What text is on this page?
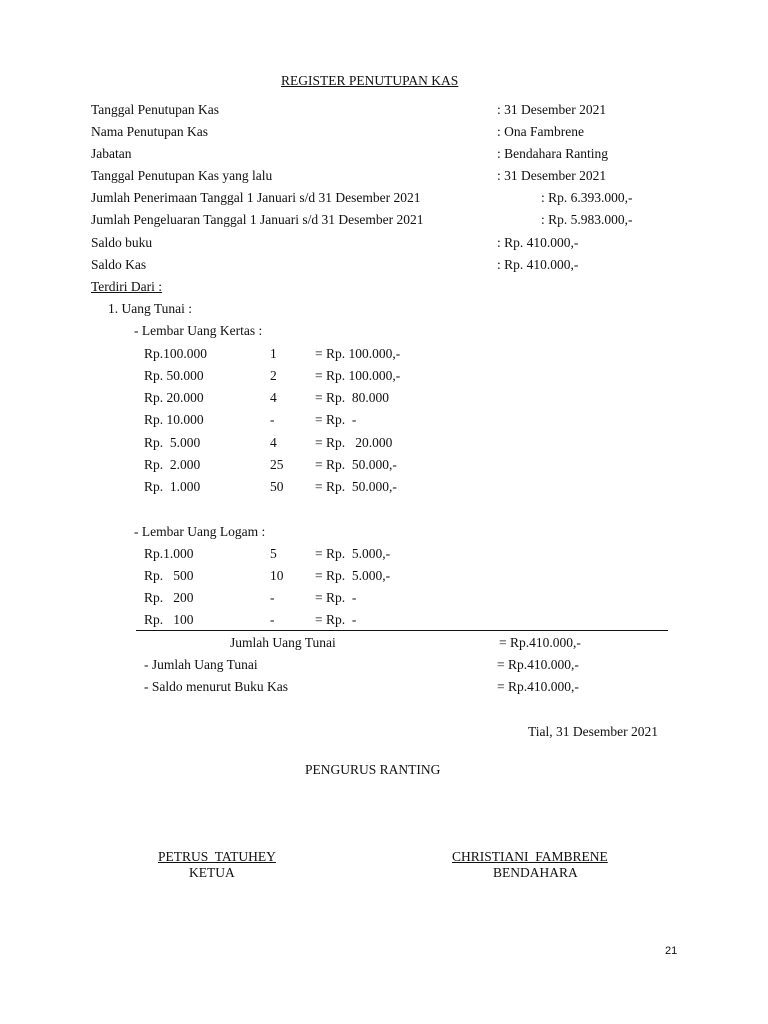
REGISTER PENUTUPAN KAS
Tanggal Penutupan Kas	: 31 Desember 2021
Nama Penutupan Kas	: Ona Fambrene
Jabatan	: Bendahara Ranting
Tanggal Penutupan Kas yang lalu	: 31 Desember 2021
Jumlah Penerimaan Tanggal 1 Januari s/d 31 Desember 2021	: Rp. 6.393.000,-
Jumlah Pengeluaran Tanggal 1 Januari s/d 31 Desember 2021	: Rp. 5.983.000,-
Saldo buku	: Rp. 410.000,-
Saldo Kas	: Rp. 410.000,-
Terdiri Dari :
1. Uang Tunai :
- Lembar Uang Kertas :
Rp.100.000	1	= Rp. 100.000,-
Rp. 50.000	2	= Rp. 100.000,-
Rp. 20.000	4	= Rp.  80.000
Rp. 10.000	-	= Rp.  -
Rp.  5.000	4	= Rp.   20.000
Rp.  2.000	25 = Rp.  50.000,-
Rp.  1.000	50 = Rp.  50.000,-
- Lembar Uang Logam :
Rp.1.000	5	= Rp.  5.000,-
Rp.   500	10 = Rp.  5.000,-
Rp.   200	-	= Rp.  -
Rp.   100	-	= Rp.  -
Jumlah Uang Tunai	= Rp.410.000,-
- Jumlah Uang Tunai	= Rp.410.000,-
- Saldo menurut Buku Kas	= Rp.410.000,-
Tial, 31 Desember 2021
PENGURUS RANTING
PETRUS  TATUHEY
KETUA
CHRISTIANI  FAMBRENE
BENDAHARA
21
